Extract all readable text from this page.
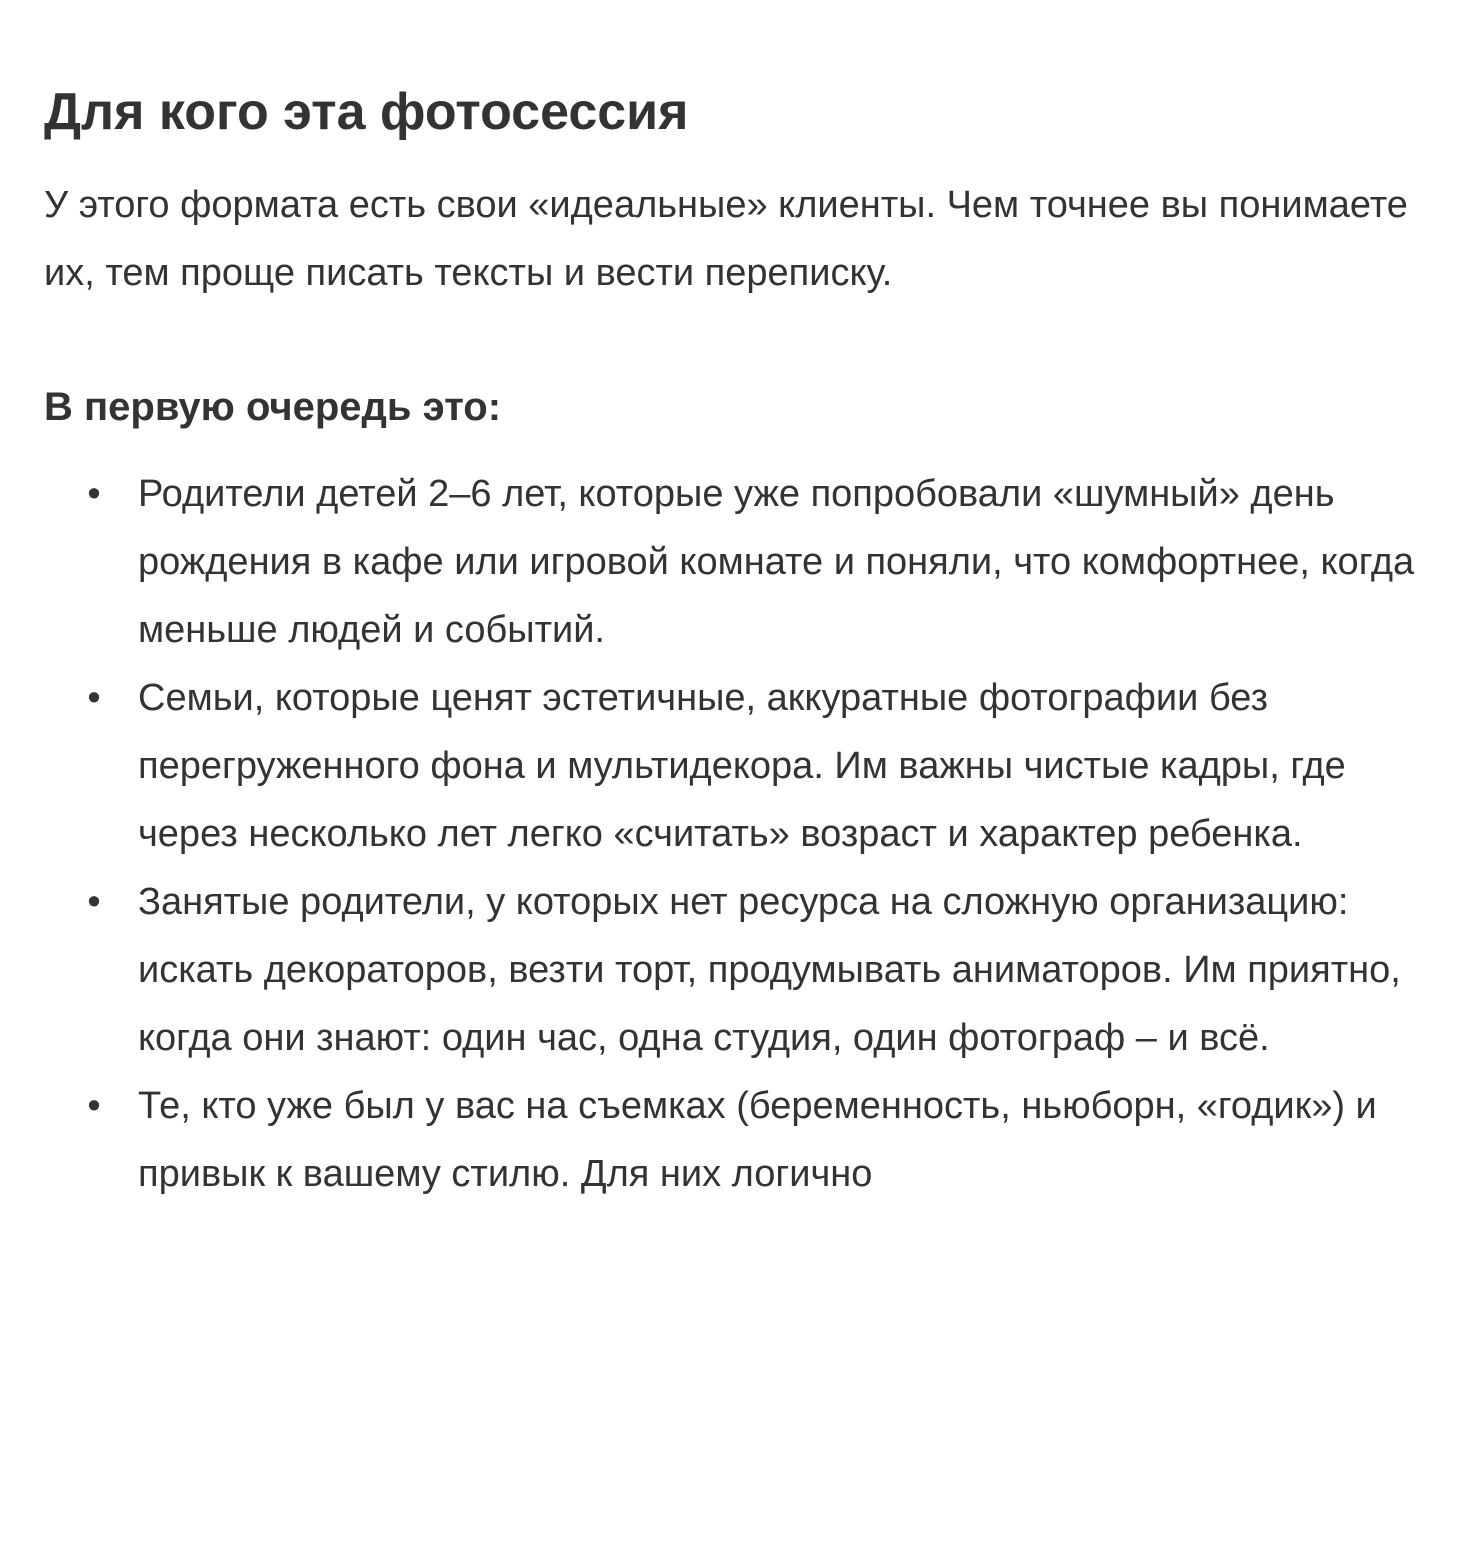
Для кого эта фотосессия

У этого формата есть свои «идеальные» клиенты. Чем точнее вы понимаете их, тем проще писать тексты и вести переписку.

В первую очередь это:
• Родители детей 2–6 лет, которые уже попробовали «шумный» день рождения в кафе или игровой комнате и поняли, что комфортнее, когда меньше людей и событий.
• Семьи, которые ценят эстетичные, аккуратные фотографии без перегруженного фона и мультидекора. Им важны чистые кадры, где через несколько лет легко «считать» возраст и характер ребенка.
• Занятые родители, у которых нет ресурса на сложную организацию: искать декораторов, везти торт, продумывать аниматоров. Им приятно, когда они знают: один час, одна студия, один фотограф – и всё.
• Те, кто уже был у вас на съемках (беременность, ньюборн, «годик») и привык к вашему стилю. Для них логично
